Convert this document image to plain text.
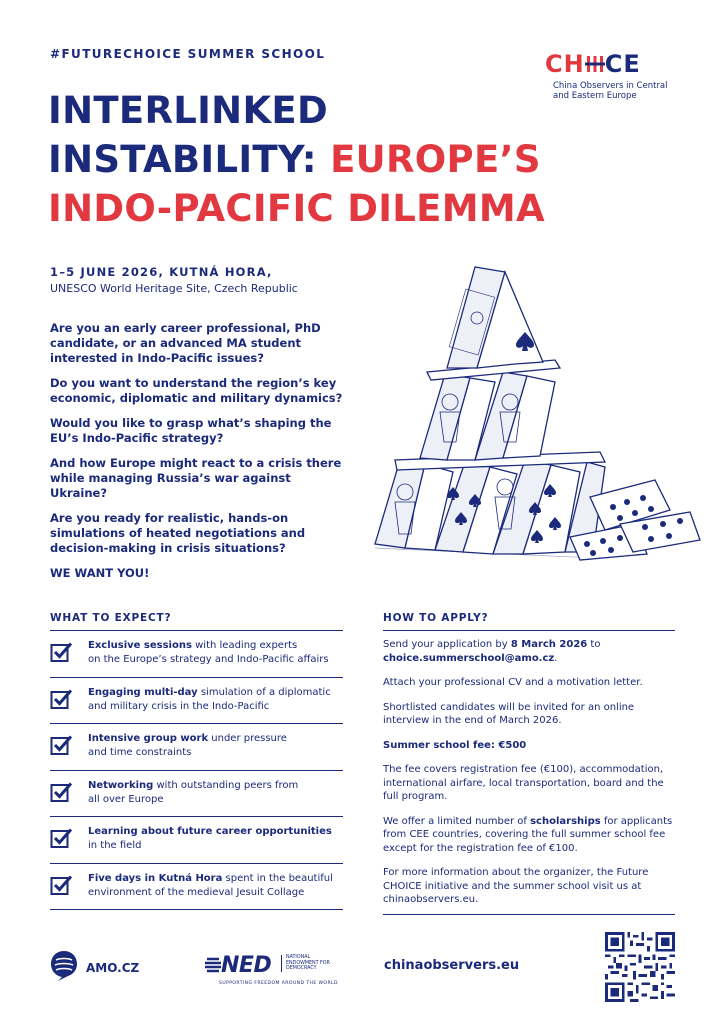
#FUTURECHOICE SUMMER SCHOOL
INTERLINKED
INSTABILITY: EUROPE’S
INDO-PACIFIC DILEMMA
CH CE
China Observers in Central
and Eastern Europe
1–5 JUNE 2026, KUTNÁ HORA,
UNESCO World Heritage Site, Czech Republic

Are you an early career professional, PhD candidate, or an advanced MA student interested in Indo-Pacific issues?

Do you want to understand the region’s key economic, diplomatic and military dynamics?

Would you like to grasp what’s shaping the EU’s Indo-Pacific strategy?

And how Europe might react to a crisis there while managing Russia’s war against Ukraine?

Are you ready for realistic, hands-on simulations of heated negotiations and decision-making in crisis situations?

WE WANT YOU!

WHAT TO EXPECT?
Exclusive sessions with leading experts
on the Europe’s strategy and Indo-Pacific affairs
Engaging multi-day simulation of a diplomatic
and military crisis in the Indo-Pacific
Intensive group work under pressure
and time constraints
Networking with outstanding peers from
all over Europe
Learning about future career opportunities
in the field
Five days in Kutná Hora spent in the beautiful
environment of the medieval Jesuit Collage
HOW TO APPLY?

Send your application by 8 March 2026 to
choice.summerschool@amo.cz.

Attach your professional CV and a motivation letter.

Shortlisted candidates will be invited for an online interview in the end of March 2026.

Summer school fee: €500

The fee covers registration fee (€100), accommodation, international airfare, local transportation, board and the full program.

We offer a limited number of scholarships for applicants from CEE countries, covering the full summer school fee except for the registration fee of €100.

For more information about the organizer, the Future CHOICE initiative and the summer school visit us at chinaobservers.eu.

AMO.CZ	NED	NATIONAL ENDOWMENT FOR DEMOCRACY
SUPPORTING FREEDOM AROUND THE WORLD
chinaobservers.eu
